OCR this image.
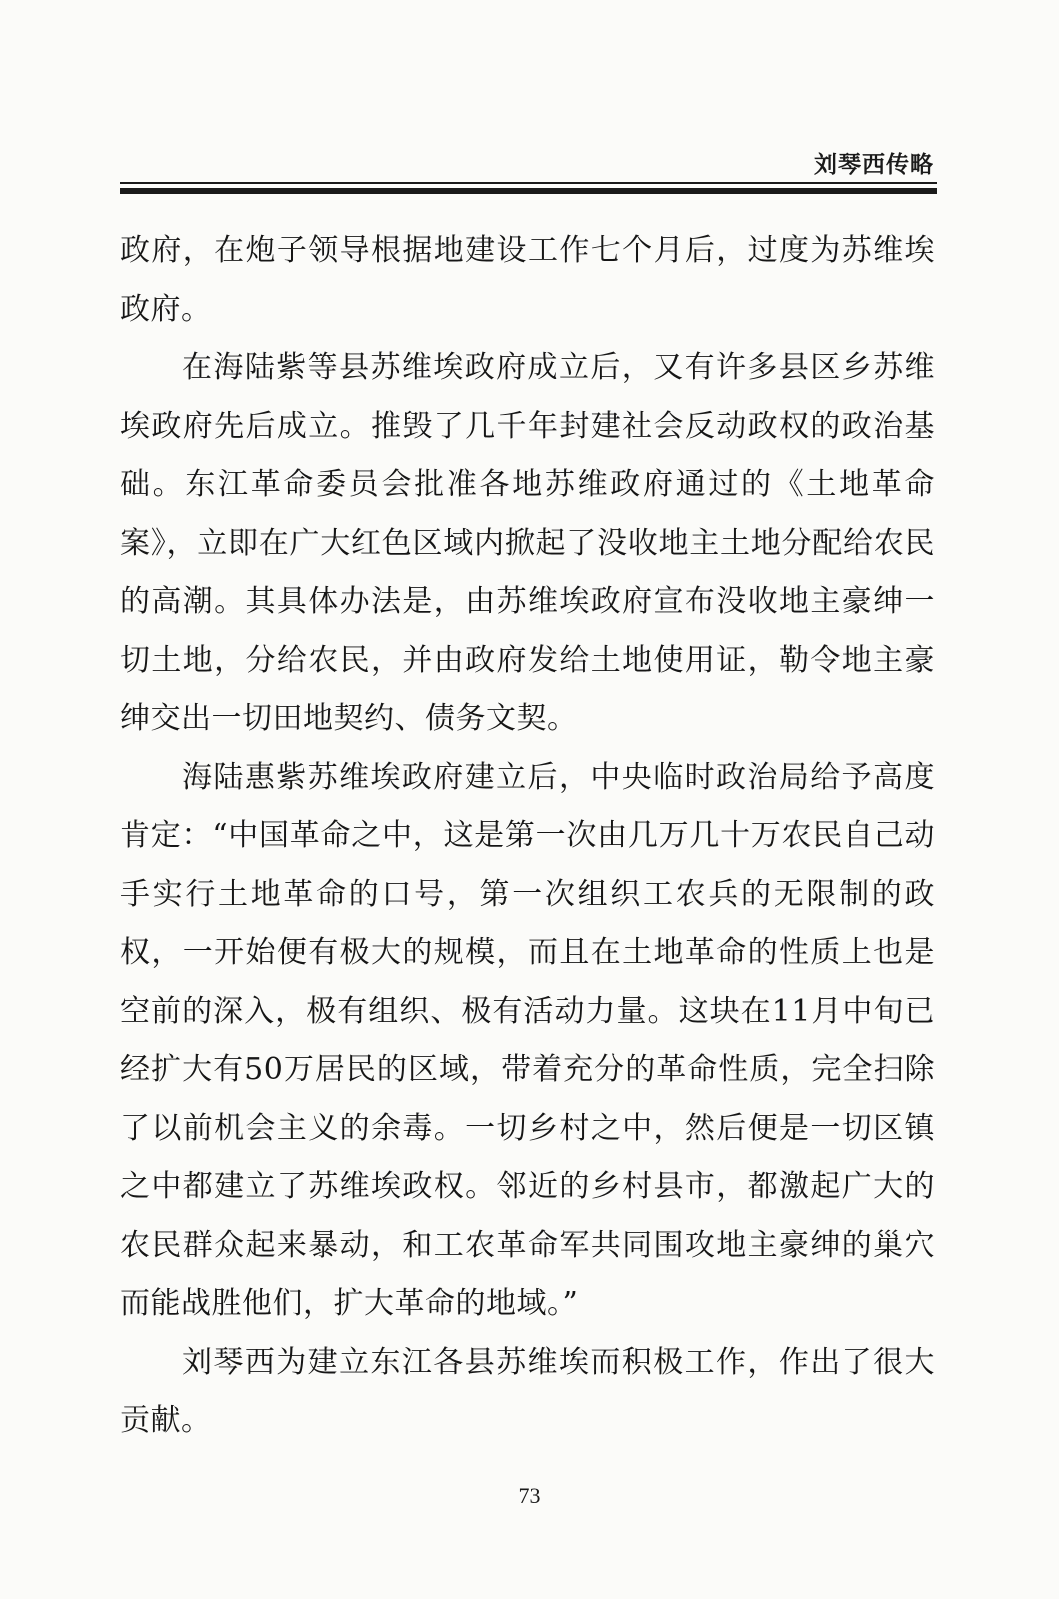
刘琴西传略

政府，在炮子领导根据地建设工作七个月后，过度为苏维埃政府。

在海陆紫等县苏维埃政府成立后，又有许多县区乡苏维埃政府先后成立。推毁了几千年封建社会反动政权的政治基础。东江革命委员会批准各地苏维政府通过的《土地革命案》，立即在广大红色区域内掀起了没收地主土地分配给农民的高潮。其具体办法是，由苏维埃政府宣布没收地主豪绅一切土地，分给农民，并由政府发给土地使用证，勒令地主豪绅交出一切田地契约、债务文契。

海陆惠紫苏维埃政府建立后，中央临时政治局给予高度肯定：“中国革命之中，这是第一次由几万几十万农民自己动手实行土地革命的口号，第一次组织工农兵的无限制的政权，一开始便有极大的规模，而且在土地革命的性质上也是空前的深入，极有组织、极有活动力量。这块在11月中旬已经扩大有50万居民的区域，带着充分的革命性质，完全扫除了以前机会主义的余毒。一切乡村之中，然后便是一切区镇之中都建立了苏维埃政权。邻近的乡村县市，都激起广大的农民群众起来暴动，和工农革命军共同围攻地主豪绅的巢穴而能战胜他们，扩大革命的地域。”

刘琴西为建立东江各县苏维埃而积极工作，作出了很大贡献。

73
